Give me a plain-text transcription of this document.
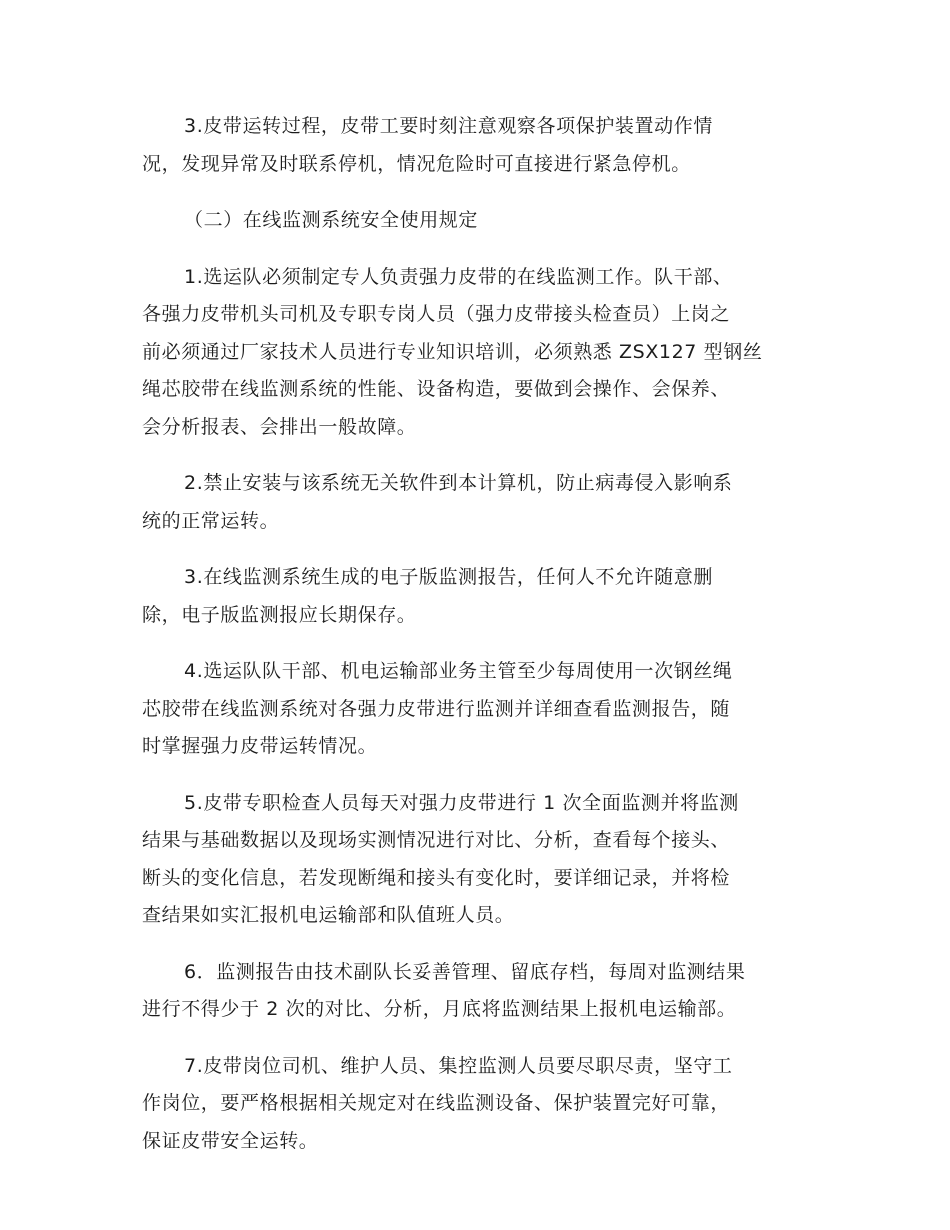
3.皮带运转过程，皮带工要时刻注意观察各项保护装置动作情
况，发现异常及时联系停机，情况危险时可直接进行紧急停机。

（二）在线监测系统安全使用规定

1.选运队必须制定专人负责强力皮带的在线监测工作。队干部、
各强力皮带机头司机及专职专岗人员（强力皮带接头检查员）上岗之
前必须通过厂家技术人员进行专业知识培训，必须熟悉 ZSX127 型钢丝
绳芯胶带在线监测系统的性能、设备构造，要做到会操作、会保养、
会分析报表、会排出一般故障。

2.禁止安装与该系统无关软件到本计算机，防止病毒侵入影响系
统的正常运转。

3.在线监测系统生成的电子版监测报告，任何人不允许随意删
除，电子版监测报应长期保存。

4.选运队队干部、机电运输部业务主管至少每周使用一次钢丝绳
芯胶带在线监测系统对各强力皮带进行监测并详细查看监测报告，随
时掌握强力皮带运转情况。

5.皮带专职检查人员每天对强力皮带进行 1 次全面监测并将监测
结果与基础数据以及现场实测情况进行对比、分析，查看每个接头、
断头的变化信息，若发现断绳和接头有变化时，要详细记录，并将检
查结果如实汇报机电运输部和队值班人员。

6．监测报告由技术副队长妥善管理、留底存档，每周对监测结果
进行不得少于 2 次的对比、分析，月底将监测结果上报机电运输部。

7.皮带岗位司机、维护人员、集控监测人员要尽职尽责，坚守工
作岗位，要严格根据相关规定对在线监测设备、保护装置完好可靠，
保证皮带安全运转。
